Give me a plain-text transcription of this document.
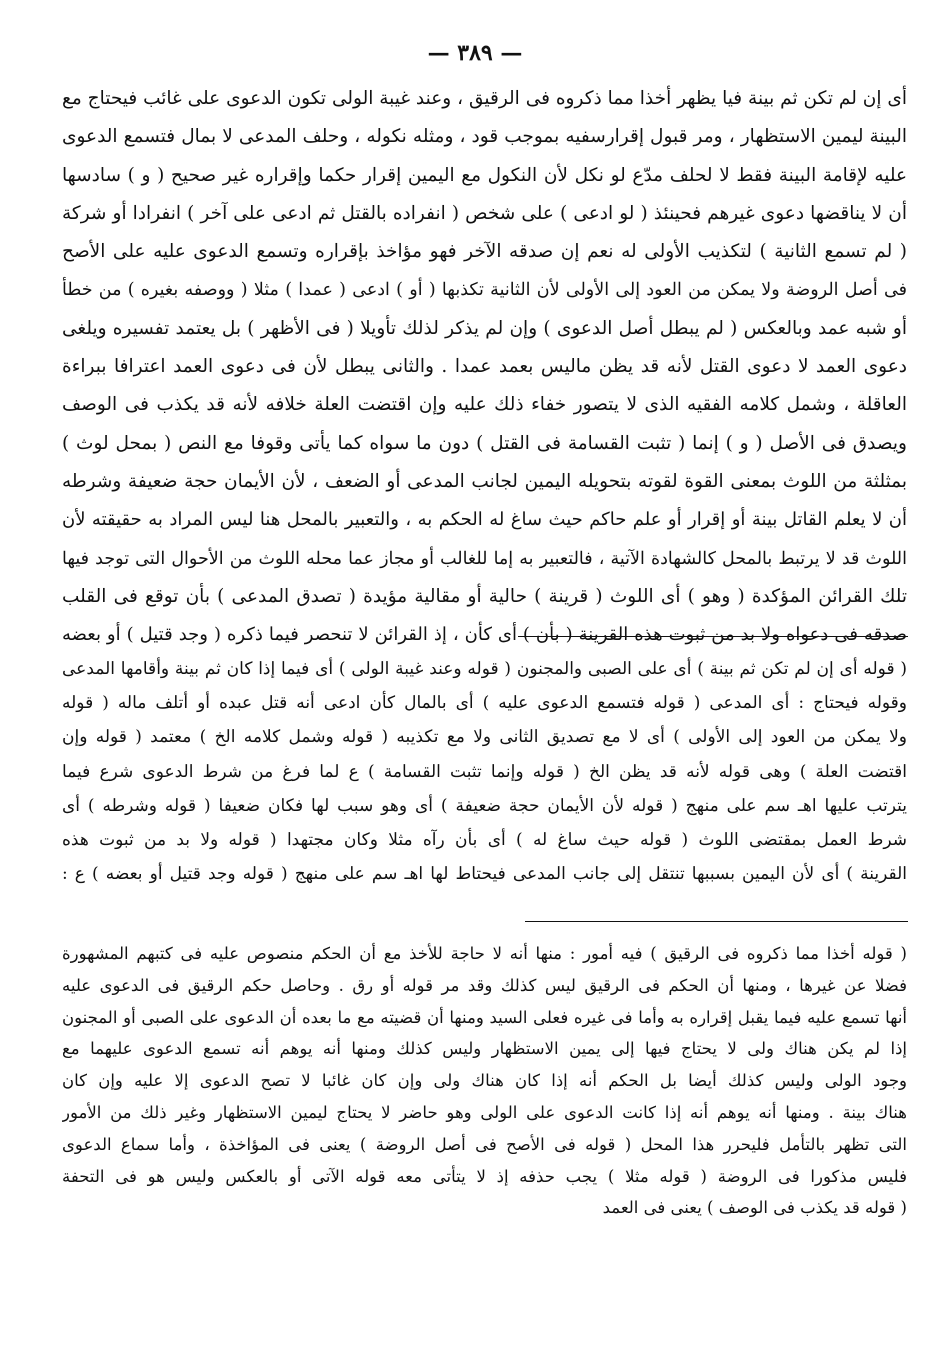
— ٣٨٩ —
أى إن لم تكن ثم بينة فيا يظهر أخذا مما ذكروه فى الرقيق ، وعند غيبة الولى تكون الدعوى على غائب فيحتاج مع
البينة ليمين الاستظهار ، ومر قبول إقرارسفيه بموجب قود ، ومثله نكوله ، وحلف المدعى لا بمال فتسمع الدعوى
عليه لإقامة البينة فقط لا لحلف مدّع لو نكل لأن النكول مع اليمين إقرار حكما وإقراره غير صحيح ( و ) سادسها
أن لا يناقضها دعوى غيرهم فحينئذ ( لو ادعى ) على شخص ( انفراده بالقتل ثم ادعى على آخر ) انفرادا أو شركة
( لم تسمع الثانية ) لتكذيب الأولى له نعم إن صدقه الآخر فهو مؤاخذ بإقراره وتسمع الدعوى عليه على الأصح
فى أصل الروضة ولا يمكن من العود إلى الأولى لأن الثانية تكذبها ( أو ) ادعى ( عمدا ) مثلا ( ووصفه بغيره ) من خطأ
أو شبه عمد وبالعكس ( لم يبطل أصل الدعوى ) وإن لم يذكر لذلك تأويلا ( فى الأظهر ) بل يعتمد تفسيره ويلغى
دعوى العمد لا دعوى القتل لأنه قد يظن ماليس بعمد عمدا . والثانى يبطل لأن فى دعوى العمد اعترافا ببراءة
العاقلة ، وشمل كلامه الفقيه الذى لا يتصور خفاء ذلك عليه وإن اقتضت العلة خلافه لأنه قد يكذب فى الوصف
ويصدق فى الأصل ( و ) إنما ( تثبت القسامة فى القتل ) دون ما سواه كما يأتى وقوفا مع النص ( بمحل لوث )
بمثلثة من اللوث بمعنى القوة لقوته بتحويله اليمين لجانب المدعى أو الضعف ، لأن الأيمان حجة ضعيفة وشرطه
أن لا يعلم القاتل بينة أو إقرار أو علم حاكم حيث ساغ له الحكم به ، والتعبير بالمحل هنا ليس المراد به حقيقته لأن
اللوث قد لا يرتبط بالمحل كالشهادة الآتية ، فالتعبير به إما للغالب أو مجاز عما محله اللوث من الأحوال التى توجد فيها
تلك القرائن المؤكدة ( وهو ) أى اللوث ( قرينة ) حالية أو مقالية مؤيدة ( تصدق المدعى ) بأن توقع فى القلب
صدقه فى دعواه ولا بد من ثبوت هذه القرينة ( بأن ) أى كأن ، إذ القرائن لا تنحصر فيما ذكره ( وجد قتيل ) أو بعضه
( قوله أى إن لم تكن ثم بينة ) أى على الصبى والمجنون ( قوله وعند غيبة الولى ) أى فيما إذا كان ثم بينة وأقامها المدعى
وقوله فيحتاج : أى المدعى ( قوله فتسمع الدعوى عليه ) أى بالمال كأن ادعى أنه قتل عبده أو أتلف ماله ( قوله
ولا يمكن من العود إلى الأولى ) أى لا مع تصديق الثانى ولا مع تكذيبه ( قوله وشمل كلامه الخ ) معتمد ( قوله وإن
اقتضت العلة ) وهى قوله لأنه قد يظن الخ ( قوله وإنما تثبت القسامة ) ع لما فرغ من شرط الدعوى شرع فيما
يترتب عليها اهـ سم على منهج ( قوله لأن الأيمان حجة ضعيفة ) أى وهو سبب لها فكان ضعيفا ( قوله وشرطه ) أى
شرط العمل بمقتضى اللوث ( قوله حيث ساغ له ) أى بأن رآه مثلا وكان مجتهدا ( قوله ولا بد من ثبوت هذه
القرينة ) أى لأن اليمين بسببها تنتقل إلى جانب المدعى فيحتاط لها اهـ سم على منهج ( قوله وجد قتيل أو بعضه ) ع :
( قوله أخذا مما ذكروه فى الرقيق ) فيه أمور : منها أنه لا حاجة للأخذ مع أن الحكم منصوص عليه فى كتبهم المشهورة
فضلا عن غيرها ، ومنها أن الحكم فى الرقيق ليس كذلك وقد مر قوله أو رق . وحاصل حكم الرقيق فى الدعوى عليه
أنها تسمع عليه فيما يقبل إقراره به وأما فى غيره فعلى السيد ومنها أن قضيته مع ما بعده أن الدعوى على الصبى أو المجنون
إذا لم يكن هناك ولى لا يحتاج فيها إلى يمين الاستظهار وليس كذلك ومنها أنه يوهم أنه تسمع الدعوى عليهما مع
وجود الولى وليس كذلك أيضا بل الحكم أنه إذا كان هناك ولى وإن كان غائبا لا تصح الدعوى إلا عليه وإن كان
هناك بينة . ومنها أنه يوهم أنه إذا كانت الدعوى على الولى وهو حاضر لا يحتاج ليمين الاستظهار وغير ذلك من الأمور
التى تظهر بالتأمل فليحرر هذا المحل ( قوله فى الأصح فى أصل الروضة ) يعنى فى المؤاخذة ، وأما سماع الدعوى
فليس مذكورا فى الروضة ( قوله مثلا ) يجب حذفه إذ لا يتأتى معه قوله الآتى أو بالعكس وليس هو فى التحفة
( قوله قد يكذب فى الوصف ) يعنى فى العمد
